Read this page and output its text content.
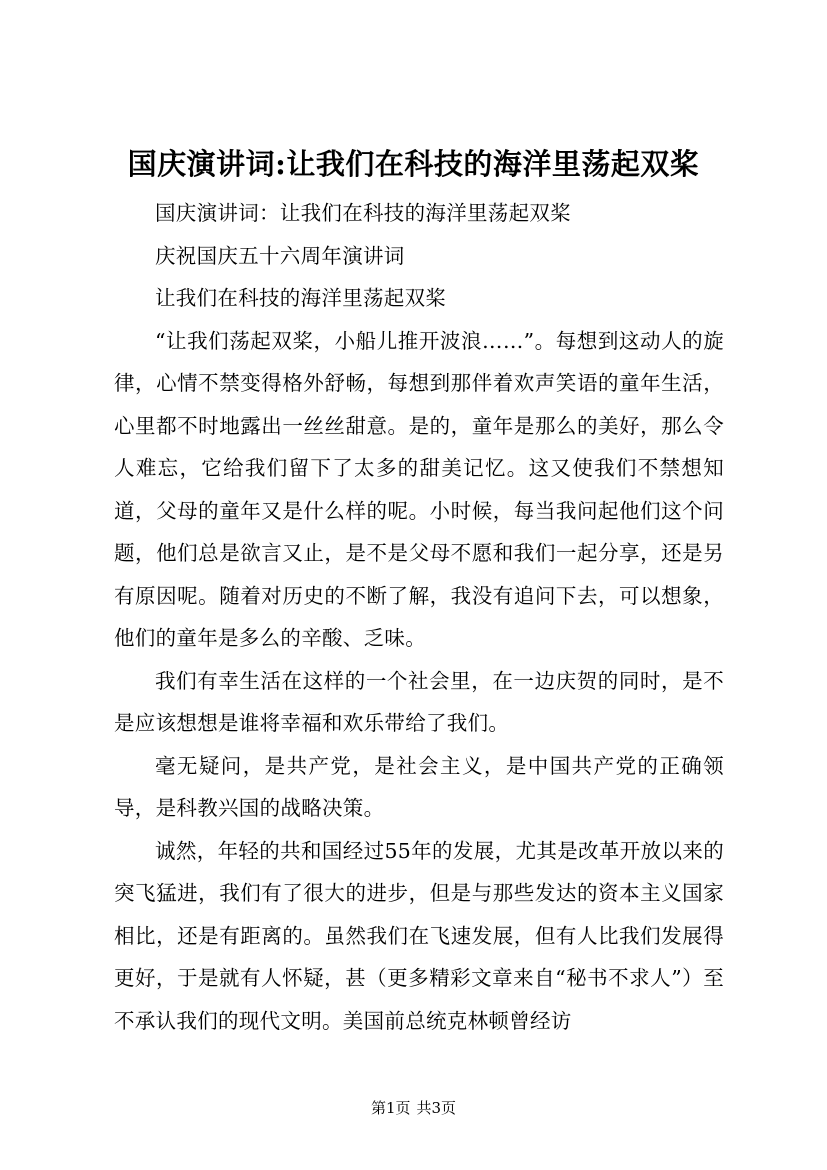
国庆演讲词:让我们在科技的海洋里荡起双桨

国庆演讲词：让我们在科技的海洋里荡起双桨

庆祝国庆五十六周年演讲词

让我们在科技的海洋里荡起双桨

“让我们荡起双桨，小船儿推开波浪……”。每想到这动人的旋律，心情不禁变得格外舒畅，每想到那伴着欢声笑语的童年生活，心里都不时地露出一丝丝甜意。是的，童年是那么的美好，那么令人难忘，它给我们留下了太多的甜美记忆。这又使我们不禁想知道，父母的童年又是什么样的呢。小时候，每当我问起他们这个问题，他们总是欲言又止，是不是父母不愿和我们一起分享，还是另有原因呢。随着对历史的不断了解，我没有追问下去，可以想象，他们的童年是多么的辛酸、乏味。

我们有幸生活在这样的一个社会里，在一边庆贺的同时，是不是应该想想是谁将幸福和欢乐带给了我们。

毫无疑问，是共产党，是社会主义，是中国共产党的正确领导，是科教兴国的战略决策。

诚然，年轻的共和国经过55年的发展，尤其是改革开放以来的突飞猛进，我们有了很大的进步，但是与那些发达的资本主义国家相比，还是有距离的。虽然我们在飞速发展，但有人比我们发展得更好，于是就有人怀疑，甚（更多精彩文章来自“秘书不求人”）至不承认我们的现代文明。美国前总统克林顿曾经访

第1页 共3页
